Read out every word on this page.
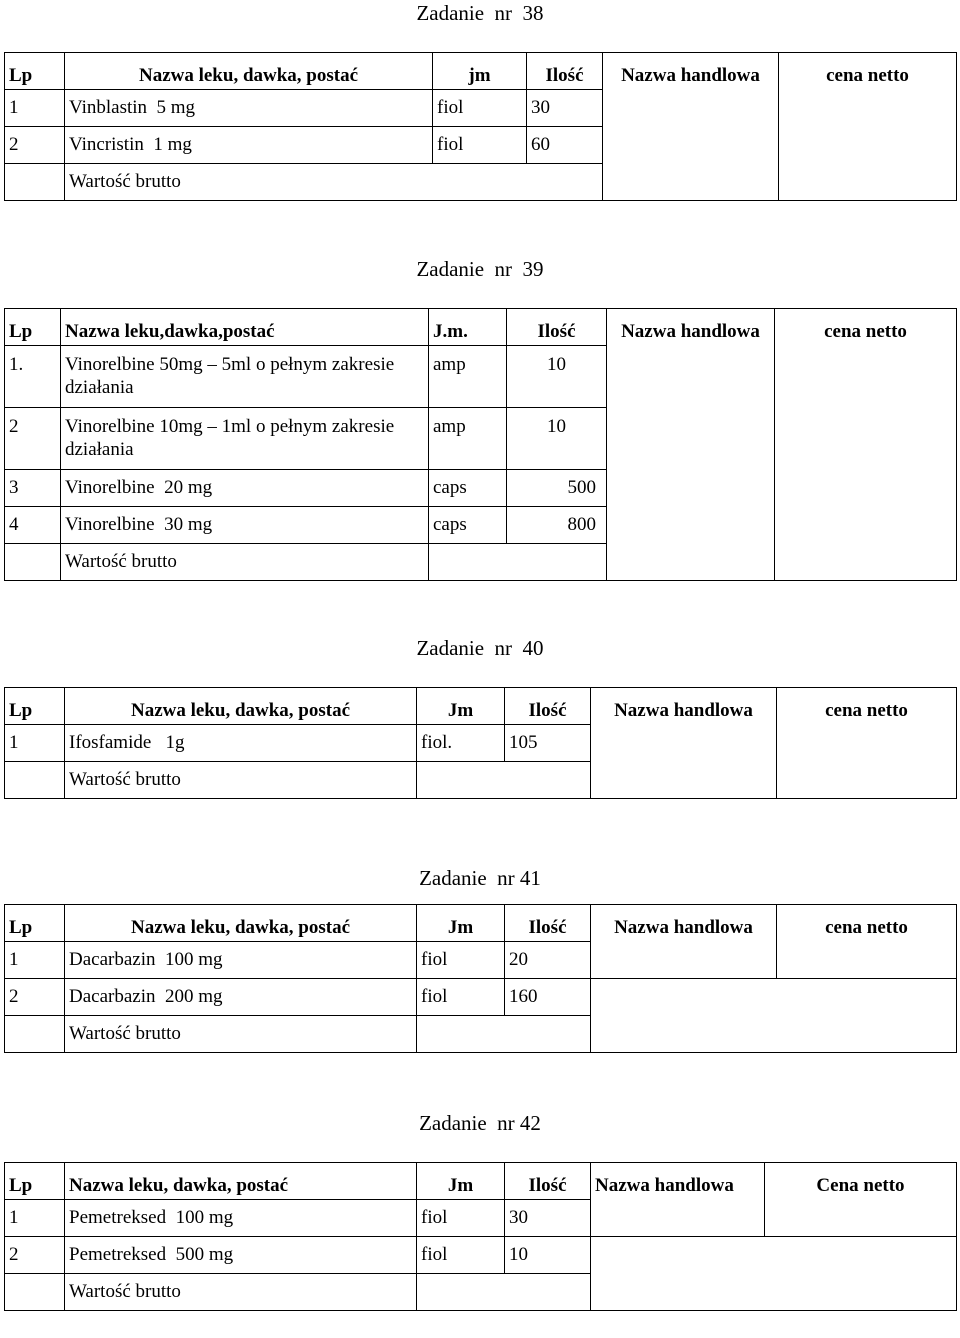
Zadanie  nr  38
Lp	Nazwa leku, dawka, postać	jm	Ilość	Nazwa handlowa	cena netto
1	Vinblastin  5 mg	fiol	30		
2	Vincristin  1 mg	fiol	60		
	Wartość brutto				
Zadanie  nr  39
Lp	Nazwa leku,dawka,postać	J.m.	Ilość	Nazwa handlowa	cena netto
1.	Vinorelbine 50mg – 5ml o pełnym zakresie działania	amp	10		
2	Vinorelbine 10mg – 1ml o pełnym zakresie działania	amp	10		
3	Vinorelbine  20 mg	caps	500		
4	Vinorelbine  30 mg	caps	800		
	Wartość brutto				
Zadanie  nr  40
Lp	Nazwa leku, dawka, postać	Jm	Ilość	Nazwa handlowa	cena netto
1	Ifosfamide   1g	fiol.	105		
	Wartość brutto				
Zadanie  nr 41
Lp	Nazwa leku, dawka, postać	Jm	Ilość	Nazwa handlowa	cena netto
1	Dacarbazin  100 mg	fiol	20		
2	Dacarbazin  200 mg	fiol	160		
	Wartość brutto				
Zadanie  nr 42
Lp	Nazwa leku, dawka, postać	Jm	Ilość	Nazwa handlowa	Cena netto
1	Pemetreksed  100 mg	fiol	30		
2	Pemetreksed  500 mg	fiol	10		
	Wartość brutto				
